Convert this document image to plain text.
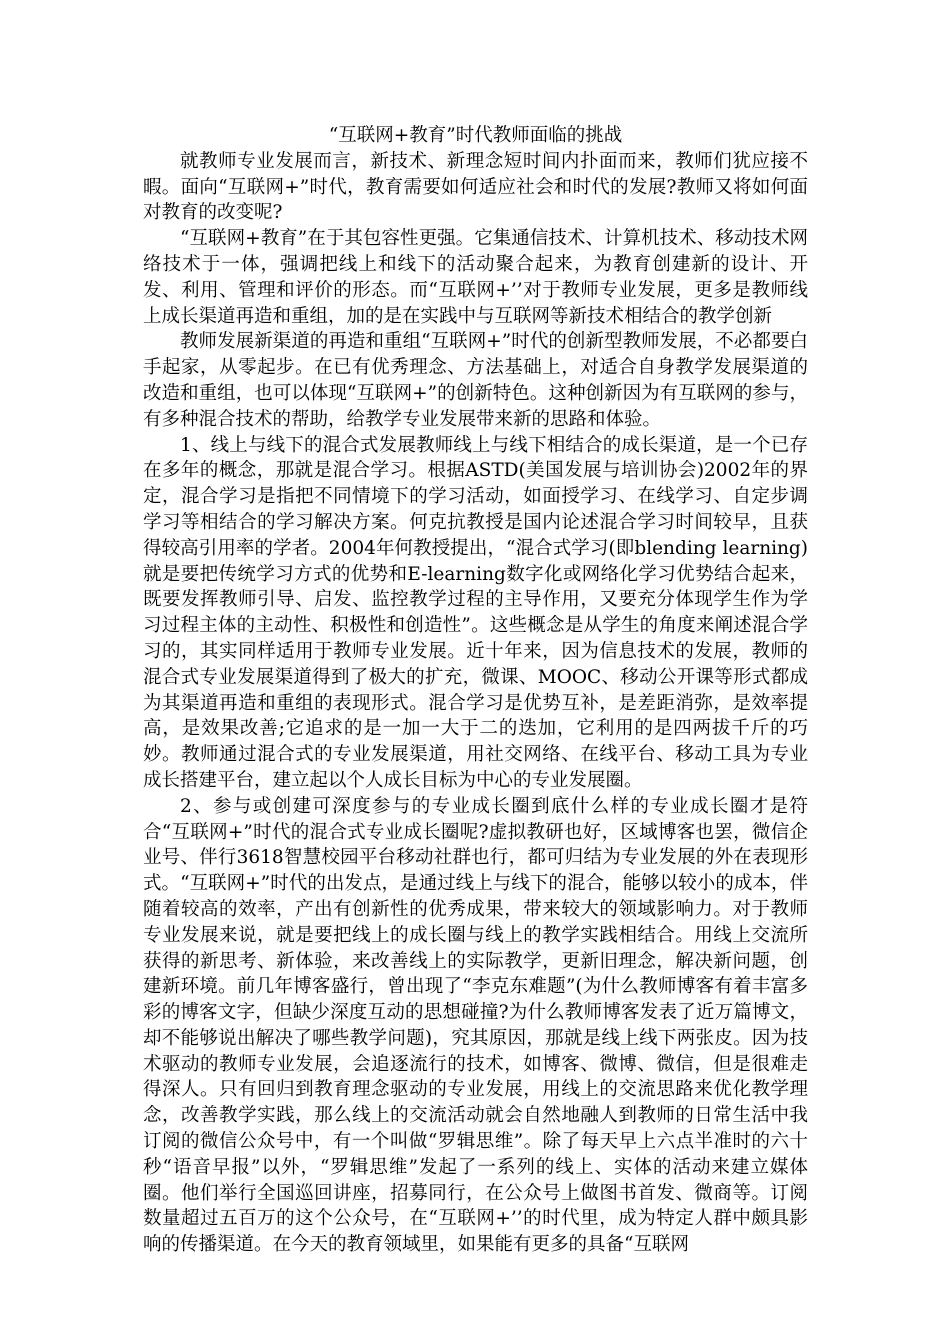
“互联网+教育”时代教师面临的挑战

就教师专业发展而言，新技术、新理念短时间内扑面而来，教师们犹应接不暇。面向“互联网+”时代，教育需要如何适应社会和时代的发展?教师又将如何面对教育的改变呢?

“互联网+教育”在于其包容性更强。它集通信技术、计算机技术、移动技术网络技术于一体，强调把线上和线下的活动聚合起来，为教育创建新的设计、开发、利用、管理和评价的形态。而“互联网+’’对于教师专业发展，更多是教师线上成长渠道再造和重组，加的是在实践中与互联网等新技术相结合的教学创新

教师发展新渠道的再造和重组“互联网+”时代的创新型教师发展，不必都要白手起家，从零起步。在已有优秀理念、方法基础上，对适合自身教学发展渠道的改造和重组，也可以体现“互联网+”的创新特色。这种创新因为有互联网的参与，有多种混合技术的帮助，给教学专业发展带来新的思路和体验。

1、线上与线下的混合式发展教师线上与线下相结合的成长渠道，是一个已存在多年的概念，那就是混合学习。根据ASTD(美国发展与培训协会)2002年的界定，混合学习是指把不同情境下的学习活动，如面授学习、在线学习、自定步调学习等相结合的学习解决方案。何克抗教授是国内论述混合学习时间较早，且获得较高引用率的学者。2004年何教授提出，“混合式学习(即blending learning)就是要把传统学习方式的优势和E-learning数字化或网络化学习优势结合起来，既要发挥教师引导、启发、监控教学过程的主导作用，又要充分体现学生作为学习过程主体的主动性、积极性和创造性”。这些概念是从学生的角度来阐述混合学习的，其实同样适用于教师专业发展。近十年来，因为信息技术的发展，教师的混合式专业发展渠道得到了极大的扩充，微课、MOOC、移动公开课等形式都成为其渠道再造和重组的表现形式。混合学习是优势互补，是差距消弥，是效率提高，是效果改善;它追求的是一加一大于二的迭加，它利用的是四两拔千斤的巧妙。教师通过混合式的专业发展渠道，用社交网络、在线平台、移动工具为专业成长搭建平台，建立起以个人成长目标为中心的专业发展圈。

2、参与或创建可深度参与的专业成长圈到底什么样的专业成长圈才是符合“互联网+”时代的混合式专业成长圈呢?虚拟教研也好，区域博客也罢，微信企业号、伴行3618智慧校园平台移动社群也行，都可归结为专业发展的外在表现形式。“互联网+”时代的出发点，是通过线上与线下的混合，能够以较小的成本，伴随着较高的效率，产出有创新性的优秀成果，带来较大的领域影响力。对于教师专业发展来说，就是要把线上的成长圈与线上的教学实践相结合。用线上交流所获得的新思考、新体验，来改善线上的实际教学，更新旧理念，解决新问题，创建新环境。前几年博客盛行，曾出现了“李克东难题”(为什么教师博客有着丰富多彩的博客文字，但缺少深度互动的思想碰撞?为什么教师博客发表了近万篇博文，却不能够说出解决了哪些教学问题)，究其原因，那就是线上线下两张皮。因为技术驱动的教师专业发展，会追逐流行的技术，如博客、微博、微信，但是很难走得深人。只有回归到教育理念驱动的专业发展，用线上的交流思路来优化教学理念，改善教学实践，那么线上的交流活动就会自然地融人到教师的日常生活中我订阅的微信公众号中，有一个叫做“罗辑思维”。除了每天早上六点半准时的六十秒“语音早报”以外，“罗辑思维”发起了一系列的线上、实体的活动来建立媒体圈。他们举行全国巡回讲座，招募同行，在公众号上做图书首发、微商等。订阅数量超过五百万的这个公众号，在“互联网+’’的时代里，成为特定人群中颇具影响的传播渠道。在今天的教育领域里，如果能有更多的具备“互联网
